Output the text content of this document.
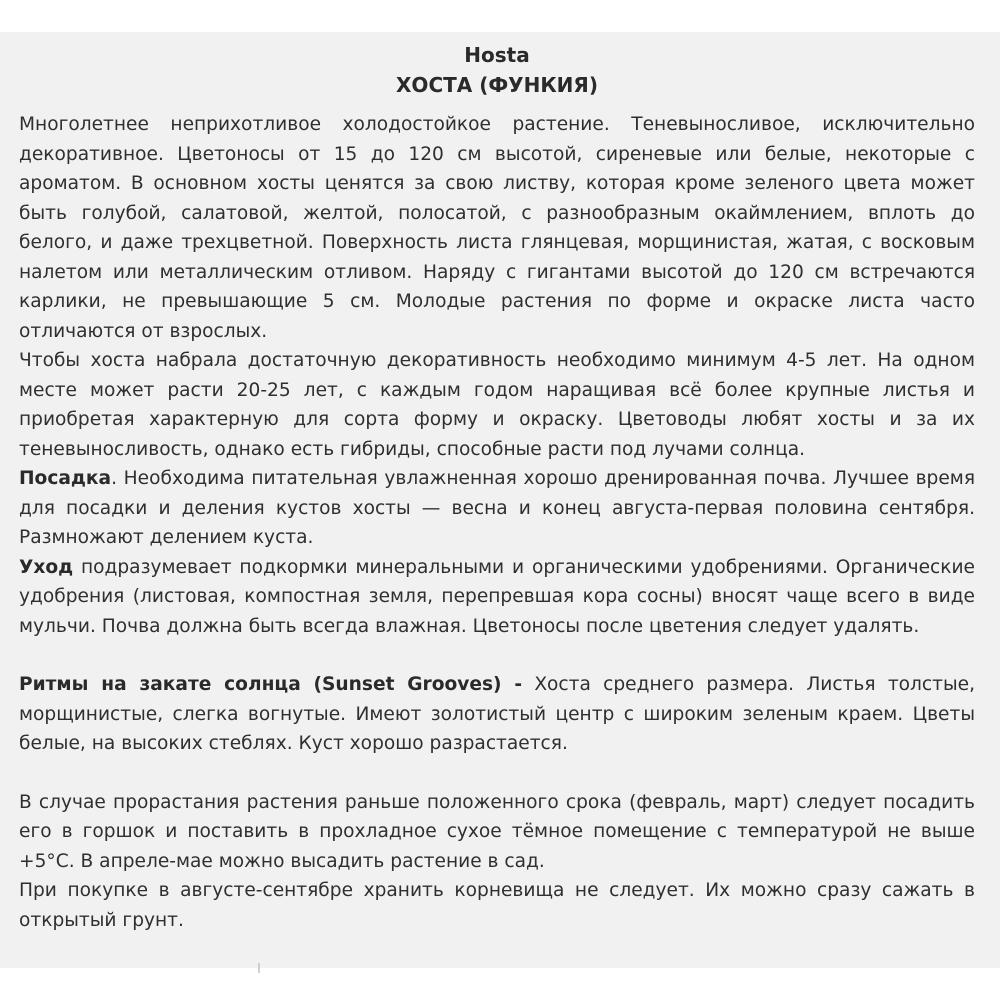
Hosta
ХОСТА (ФУНКИЯ)

Многолетнее неприхотливое холодостойкое растение. Теневыносливое, исключительно декоративное. Цветоносы от 15 до 120 см высотой, сиреневые или белые, некоторые с ароматом. В основном хосты ценятся за свою листву, которая кроме зеленого цвета может быть голубой, салатовой, желтой, полосатой, с разнообразным окаймлением, вплоть до белого, и даже трехцветной. Поверхность листа глянцевая, морщинистая, жатая, с восковым налетом или металлическим отливом. Наряду с гигантами высотой до 120 см встречаются карлики, не превышающие 5 см. Молодые растения по форме и окраске листа часто отличаются от взрослых.

Чтобы хоста набрала достаточную декоративность необходимо минимум 4-5 лет. На одном месте может расти 20-25 лет, с каждым годом наращивая всё более крупные листья и приобретая характерную для сорта форму и окраску. Цветоводы любят хосты и за их теневыносливость, однако есть гибриды, способные расти под лучами солнца.

Посадка. Необходима питательная увлажненная хорошо дренированная почва. Лучшее время для посадки и деления кустов хосты — весна и конец августа-первая половина сентября. Размножают делением куста.

Уход подразумевает подкормки минеральными и органическими удобрениями. Органические удобрения (листовая, компостная земля, перепревшая кора сосны) вносят чаще всего в виде мульчи. Почва должна быть всегда влажная. Цветоносы после цветения следует удалять.

Ритмы на закате солнца (Sunset Grooves) - Хоста среднего размера. Листья толстые, морщинистые, слегка вогнутые. Имеют золотистый центр с широким зеленым краем. Цветы белые, на высоких стеблях. Куст хорошо разрастается.

В случае прорастания растения раньше положенного срока (февраль, март) следует посадить его в горшок и поставить в прохладное сухое тёмное помещение с температурой не выше +5°С. В апреле-мае можно высадить растение в сад.

При покупке в августе-сентябре хранить корневища не следует. Их можно сразу сажать в открытый грунт.
